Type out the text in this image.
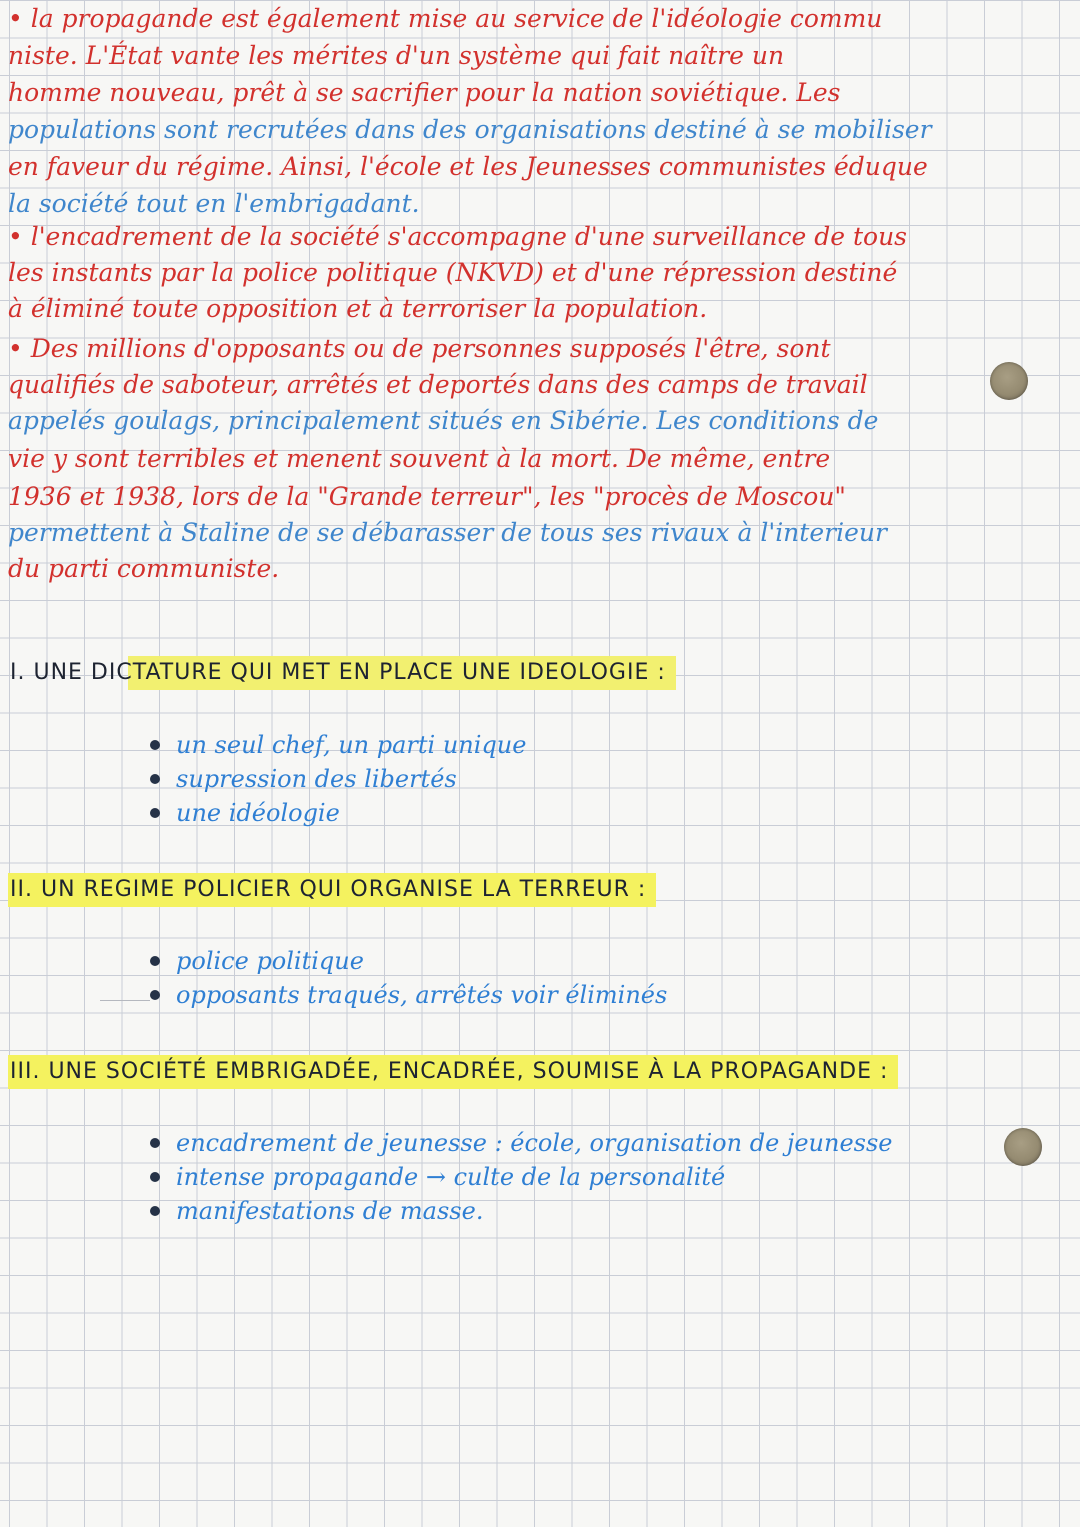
• la propagande est également mise au service de l'idéologie commu
niste. L'État vante les mérites d'un système qui fait naître un
homme nouveau, prêt à se sacrifier pour la nation soviétique. Les
populations sont recrutées dans des organisations destiné à se mobiliser
en faveur du régime. Ainsi, l'école et les Jeunesses communistes éduque
la société tout en l'embrigadant.
• l'encadrement de la société s'accompagne d'une surveillance de tous
les instants par la police politique (NKVD) et d'une répression destiné
à éliminé toute opposition et à terroriser la population.
• Des millions d'opposants ou de personnes supposés l'être, sont
qualifiés de saboteur, arrêtés et deportés dans des camps de travail
appelés goulags, principalement situés en Sibérie. Les conditions de
vie y sont terribles et menent souvent à la mort. De même, entre
1936 et 1938, lors de la "Grande terreur", les "procès de Moscou"
permettent à Staline de se débarasser de tous ses rivaux à l'interieur
du parti communiste.
I. UNE DICTATURE QUI MET EN PLACE UNE IDEOLOGIE :
un seul chef, un parti unique
supression des libertés
une idéologie
II. UN REGIME POLICIER QUI ORGANISE LA TERREUR :
police politique
opposants traqués, arrêtés voir éliminés
III. UNE SOCIÉTÉ EMBRIGADÉE, ENCADRÉE, SOUMISE À LA PROPAGANDE :
encadrement de jeunesse : école, organisation de jeunesse
intense propagande → culte de la personalité
manifestations de masse.
